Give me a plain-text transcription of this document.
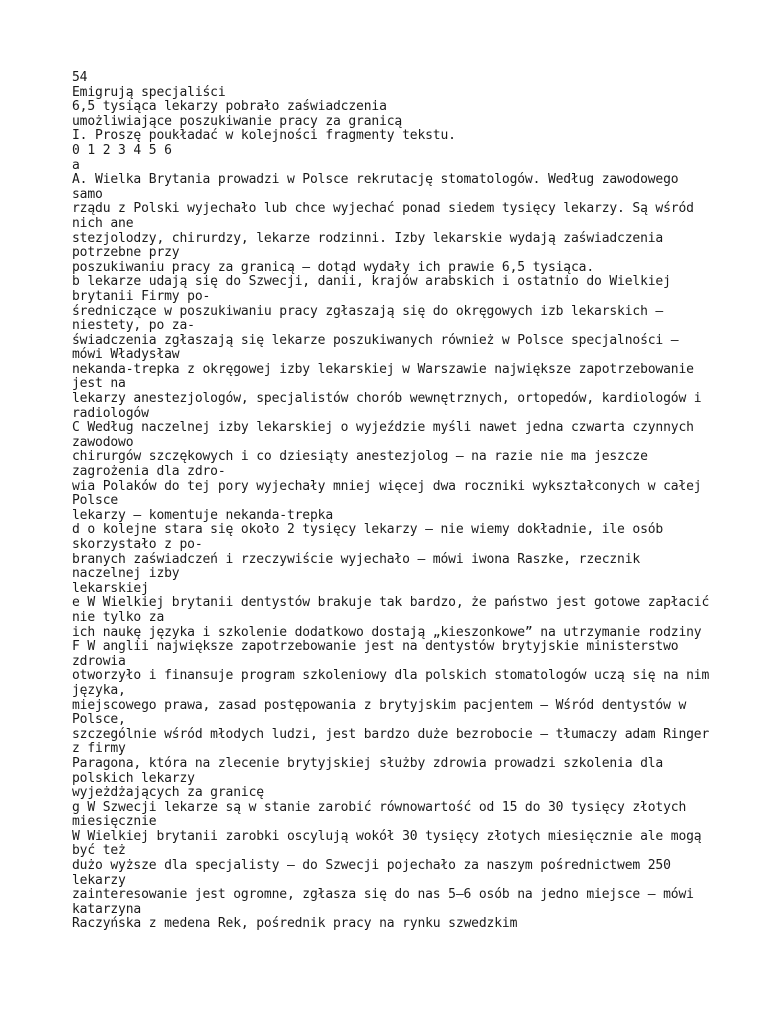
54
Emigrują specjaliści
6,5 tysiąca lekarzy pobrało zaświadczenia
umożliwiające poszukiwanie pracy za granicą
I. Proszę poukładać w kolejności fragmenty tekstu.
0 1 2 3 4 5 6
a
A. Wielka Brytania prowadzi w Polsce rekrutację stomatologów. Według zawodowego
samo
rządu z Polski wyjechało lub chce wyjechać ponad siedem tysięcy lekarzy. Są wśród
nich ane
stezjolodzy, chirurdzy, lekarze rodzinni. Izby lekarskie wydają zaświadczenia
potrzebne przy
poszukiwaniu pracy za granicą – dotąd wydały ich prawie 6,5 tysiąca.
b lekarze udają się do Szwecji, danii, krajów arabskich i ostatnio do Wielkiej
brytanii Firmy po-
średniczące w poszukiwaniu pracy zgłaszają się do okręgowych izb lekarskich –
niestety, po za-
świadczenia zgłaszają się lekarze poszukiwanych również w Polsce specjalności –
mówi Władysław
nekanda-trepka z okręgowej izby lekarskiej w Warszawie największe zapotrzebowanie
jest na
lekarzy anestezjologów, specjalistów chorób wewnętrznych, ortopedów, kardiologów i
radiologów
C Według naczelnej izby lekarskiej o wyjeździe myśli nawet jedna czwarta czynnych
zawodowo
chirurgów szczękowych i co dziesiąty anestezjolog – na razie nie ma jeszcze
zagrożenia dla zdro-
wia Polaków do tej pory wyjechały mniej więcej dwa roczniki wykształconych w całej
Polsce
lekarzy – komentuje nekanda-trepka
d o kolejne stara się około 2 tysięcy lekarzy – nie wiemy dokładnie, ile osób
skorzystało z po-
branych zaświadczeń i rzeczywiście wyjechało – mówi iwona Raszke, rzecznik
naczelnej izby
lekarskiej
e W Wielkiej brytanii dentystów brakuje tak bardzo, że państwo jest gotowe zapłacić
nie tylko za
ich naukę języka i szkolenie dodatkowo dostają „kieszonkowe” na utrzymanie rodziny
F W anglii największe zapotrzebowanie jest na dentystów brytyjskie ministerstwo
zdrowia
otworzyło i finansuje program szkoleniowy dla polskich stomatologów uczą się na nim
języka,
miejscowego prawa, zasad postępowania z brytyjskim pacjentem – Wśród dentystów w
Polsce,
szczególnie wśród młodych ludzi, jest bardzo duże bezrobocie – tłumaczy adam Ringer
z firmy
Paragona, która na zlecenie brytyjskiej służby zdrowia prowadzi szkolenia dla
polskich lekarzy
wyjeżdżających za granicę
g W Szwecji lekarze są w stanie zarobić równowartość od 15 do 30 tysięcy złotych
miesięcznie
W Wielkiej brytanii zarobki oscylują wokół 30 tysięcy złotych miesięcznie ale mogą
być też
dużo wyższe dla specjalisty – do Szwecji pojechało za naszym pośrednictwem 250
lekarzy
zainteresowanie jest ogromne, zgłasza się do nas 5–6 osób na jedno miejsce – mówi
katarzyna
Raczyńska z medena Rek, pośrednik pracy na rynku szwedzkim
